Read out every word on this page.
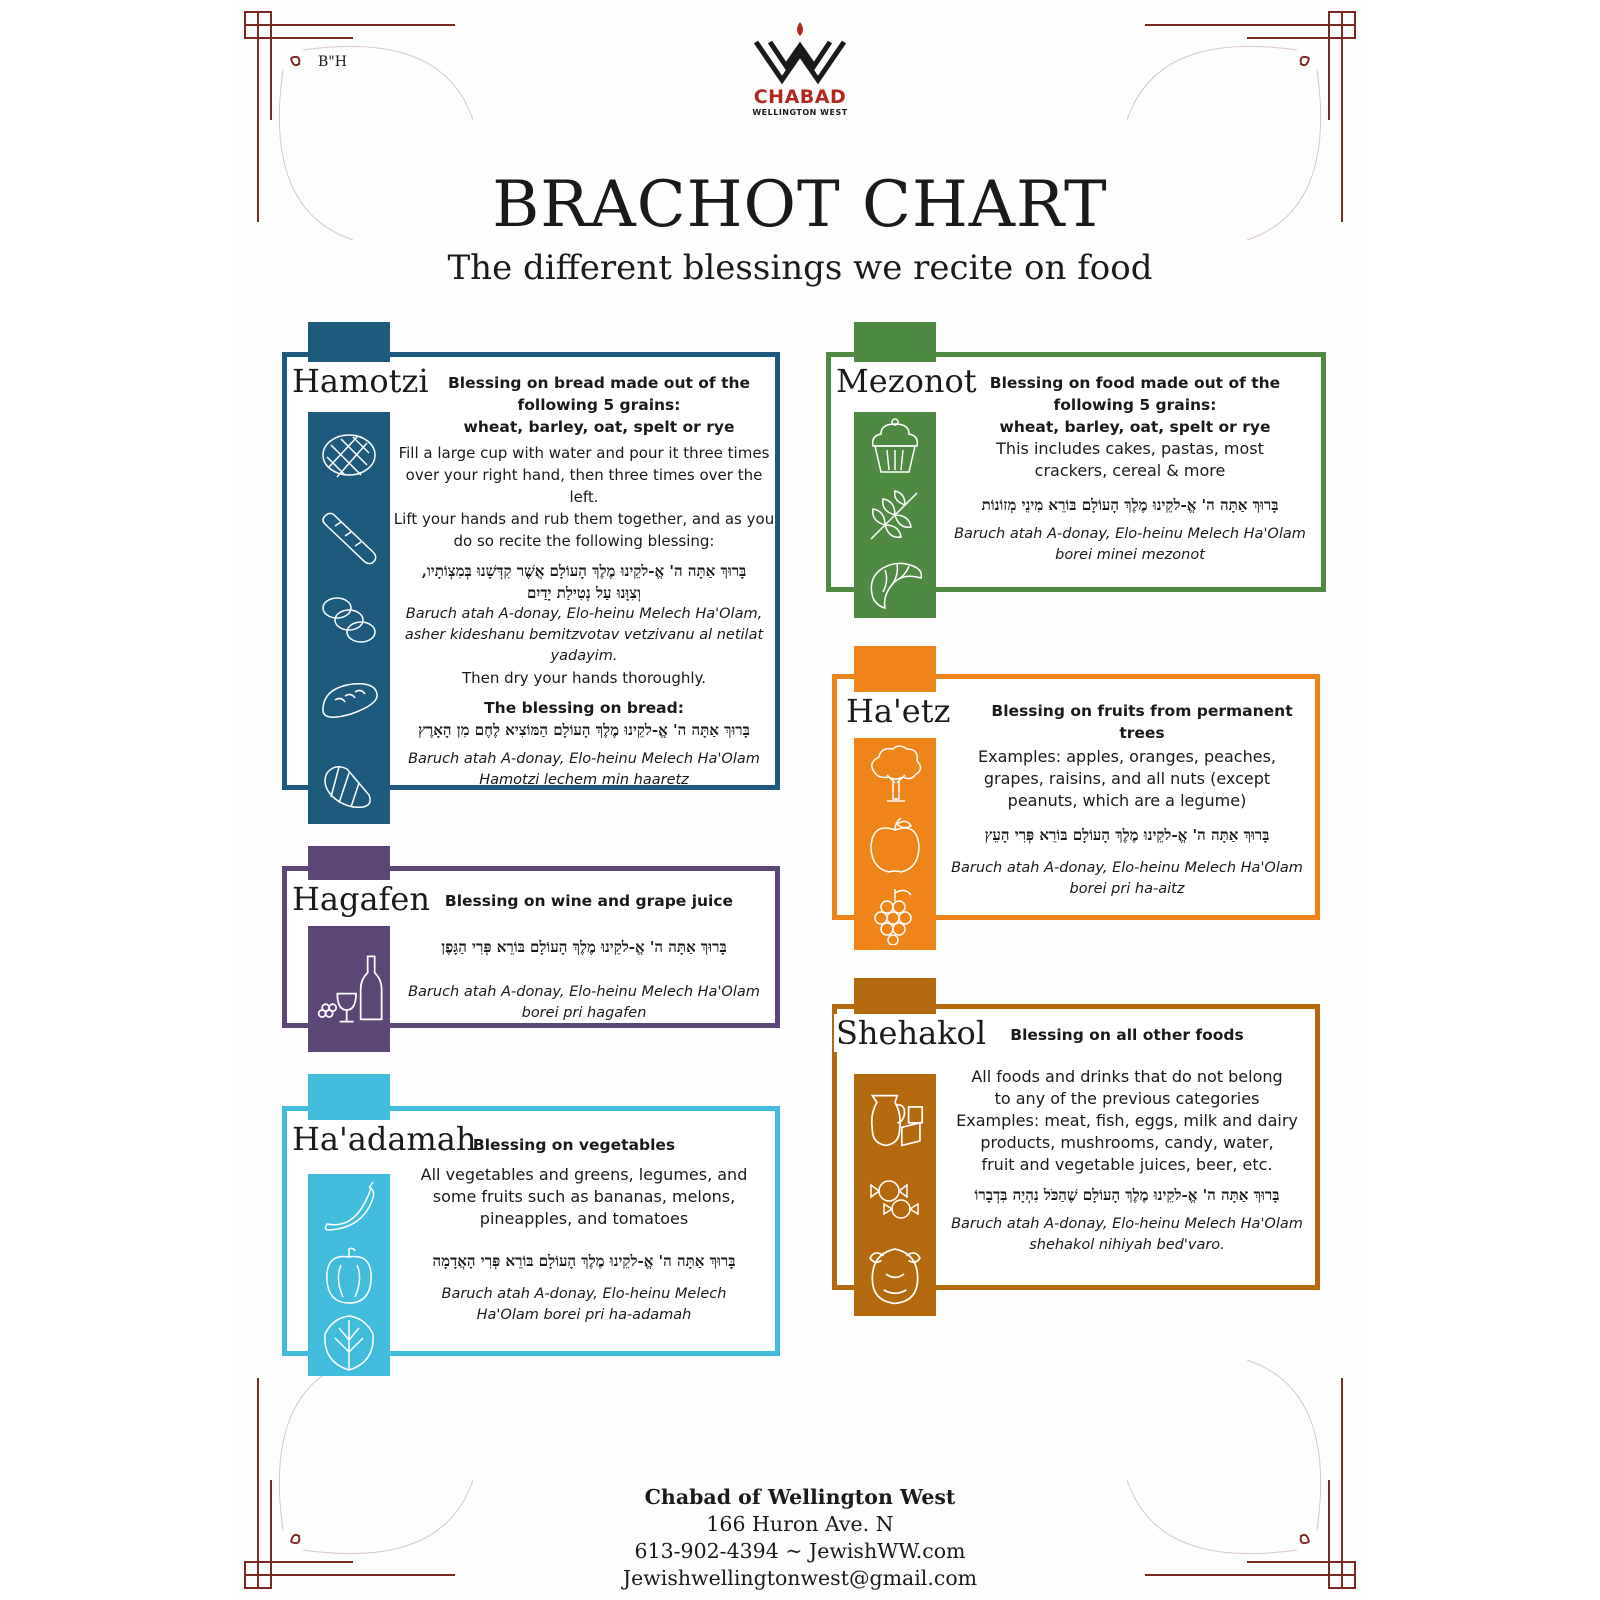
B"H
CHABAD
WELLINGTON WEST
BRACHOT CHART
The different blessings we recite on food
Hamotzi	Blessing on bread made out of the
following 5 grains:
wheat, barley, oat, spelt or rye
Fill a large cup with water and pour it three times
over your right hand, then three times over the left.
Lift your hands and rub them together, and as you
do so recite the following blessing:
בָּרוּךְ אַתָּה ה' אֱ-לקֵינוּ מֶלֶךְ הָעוֹלָם אֲשֶׁר קִדְּשָׁנוּ בְּמִצְוֹתָיו,
וְצִוָּנוּ עַל נְטִילַת יָדַיִם
Baruch atah A-donay, Elo-heinu Melech Ha'Olam,
asher kideshanu bemitzvotav vetzivanu al netilat
yadayim.
Then dry your hands thoroughly.
The blessing on bread:
בָּרוּךְ אַתָּה ה' אֱ-לקֵינוּ מֶלֶךְ הָעוֹלָם הַמּוֹצִיא לֶחֶם מִן הָאָרֶץ
Baruch atah A-donay, Elo-heinu Melech Ha'Olam
Hamotzi lechem min haaretz
Hagafen Blessing on wine and grape juice
בָּרוּךְ אַתָּה ה' אֱ-לקֵינוּ מֶלֶךְ הָעוֹלָם בּוֹרֵא פְּרִי הַגָּפֶן
Baruch atah A-donay, Elo-heinu Melech Ha'Olam
borei pri hagafen
Ha'adamah
Blessing on vegetables
All vegetables and greens, legumes, and
some fruits such as bananas, melons,
pineapples, and tomatoes
בָּרוּךְ אַתָּה ה' אֱ-לקֵינוּ מֶלֶךְ הָעוֹלָם בּוֹרֵא פְּרִי הָאֲדָמָה
Baruch atah A-donay, Elo-heinu Melech
Ha'Olam borei pri ha-adamah
Mezonot Blessing on food made out of the
following 5 grains:
wheat, barley, oat, spelt or rye
This includes cakes, pastas, most
crackers, cereal & more
בָּרוּךְ אַתָּה ה' אֱ-לקֵינוּ מֶלֶךְ הָעוֹלָם בּוֹרֵא מִינֵי מְזוֹנוֹת
Baruch atah A-donay, Elo-heinu Melech Ha'Olam
borei minei mezonot
Ha'etz	Blessing on fruits from permanent trees
Examples: apples, oranges, peaches,
grapes, raisins, and all nuts (except
peanuts, which are a legume)
בָּרוּךְ אַתָּה ה' אֱ-לקֵינוּ מֶלֶךְ הָעוֹלָם בּוֹרֵא פְּרִי הָעֵץ
Baruch atah A-donay, Elo-heinu Melech Ha'Olam
borei pri ha-aitz
Shehakol	Blessing on all other foods
All foods and drinks that do not belong
to any of the previous categories
Examples: meat, fish, eggs, milk and dairy
products, mushrooms, candy, water,
fruit and vegetable juices, beer, etc.
בָּרוּךְ אַתָּה ה' אֱ-לקֵינוּ מֶלֶךְ הָעוֹלָם שֶׁהַכֹּל נִהְיָה בִּדְבָרוֹ
Baruch atah A-donay, Elo-heinu Melech Ha'Olam
shehakol nihiyah bed'varo.
Chabad of Wellington West
166 Huron Ave. N
613-902-4394 ~ JewishWW.com
Jewishwellingtonwest@gmail.com
